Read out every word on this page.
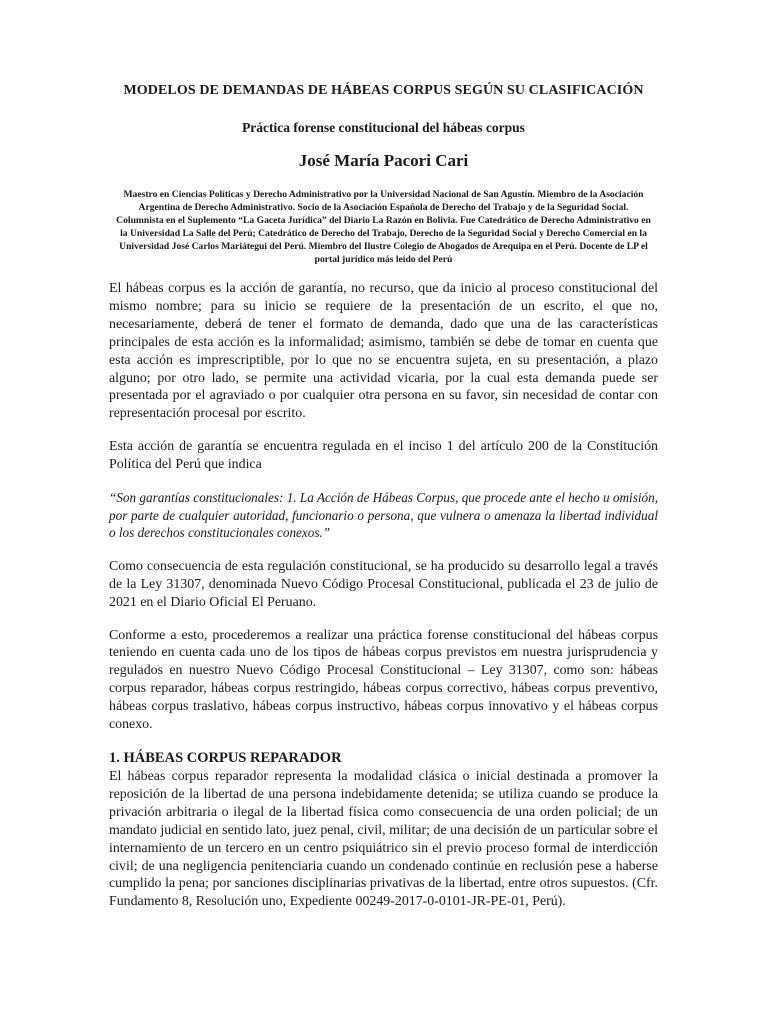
MODELOS DE DEMANDAS DE HÁBEAS CORPUS SEGÚN SU CLASIFICACIÓN
Práctica forense constitucional del hábeas corpus
José María Pacori Cari
Maestro en Ciencias Políticas y Derecho Administrativo por la Universidad Nacional de San Agustín. Miembro de la Asociación Argentina de Derecho Administrativo. Socio de la Asociación Española de Derecho del Trabajo y de la Seguridad Social. Columnista en el Suplemento “La Gaceta Jurídica” del Diario La Razón en Bolivia. Fue Catedrático de Derecho Administrativo en la Universidad La Salle del Perú; Catedrático de Derecho del Trabajo, Derecho de la Seguridad Social y Derecho Comercial en la Universidad José Carlos Mariátegui del Perú. Miembro del Ilustre Colegio de Abogados de Arequipa en el Perú. Docente de LP el portal jurídico más leído del Perú

El hábeas corpus es la acción de garantía, no recurso, que da inicio al proceso constitucional del mismo nombre; para su inicio se requiere de la presentación de un escrito, el que no, necesariamente, deberá de tener el formato de demanda, dado que una de las características principales de esta acción es la informalidad; asimismo, también se debe de tomar en cuenta que esta acción es imprescriptible, por lo que no se encuentra sujeta, en su presentación, a plazo alguno; por otro lado, se permite una actividad vicaria, por la cual esta demanda puede ser presentada por el agraviado o por cualquier otra persona en su favor, sin necesidad de contar con representación procesal por escrito.

Esta acción de garantía se encuentra regulada en el inciso 1 del artículo 200 de la Constitución Política del Perú que indica

“Son garantías constitucionales: 1. La Acción de Hábeas Corpus, que procede ante el hecho u omisión, por parte de cualquier autoridad, funcionario o persona, que vulnera o amenaza la libertad individual o los derechos constitucionales conexos.”

Como consecuencia de esta regulación constitucional, se ha producido su desarrollo legal a través de la Ley 31307, denominada Nuevo Código Procesal Constitucional, publicada el 23 de julio de 2021 en el Diario Oficial El Peruano.

Conforme a esto, procederemos a realizar una práctica forense constitucional del hábeas corpus teniendo en cuenta cada uno de los tipos de hábeas corpus previstos em nuestra jurisprudencia y regulados en nuestro Nuevo Código Procesal Constitucional – Ley 31307, como son: hábeas corpus reparador, hábeas corpus restringido, hábeas corpus correctivo, hábeas corpus preventivo, hábeas corpus traslativo, hábeas corpus instructivo, hábeas corpus innovativo y el hábeas corpus conexo.

1. HÁBEAS CORPUS REPARADOR

El hábeas corpus reparador representa la modalidad clásica o inicial destinada a promover la reposición de la libertad de una persona indebidamente detenida; se utiliza cuando se produce la privación arbitraria o ilegal de la libertad física como consecuencia de una orden policial; de un mandato judicial en sentido lato, juez penal, civil, militar; de una decisión de un particular sobre el internamiento de un tercero en un centro psiquiátrico sin el previo proceso formal de interdicción civil; de una negligencia penitenciaria cuando un condenado continúe en reclusión pese a haberse cumplido la pena; por sanciones disciplinarias privativas de la libertad, entre otros supuestos. (Cfr. Fundamento 8, Resolución uno, Expediente 00249-2017-0-0101-JR-PE-01, Perú).
